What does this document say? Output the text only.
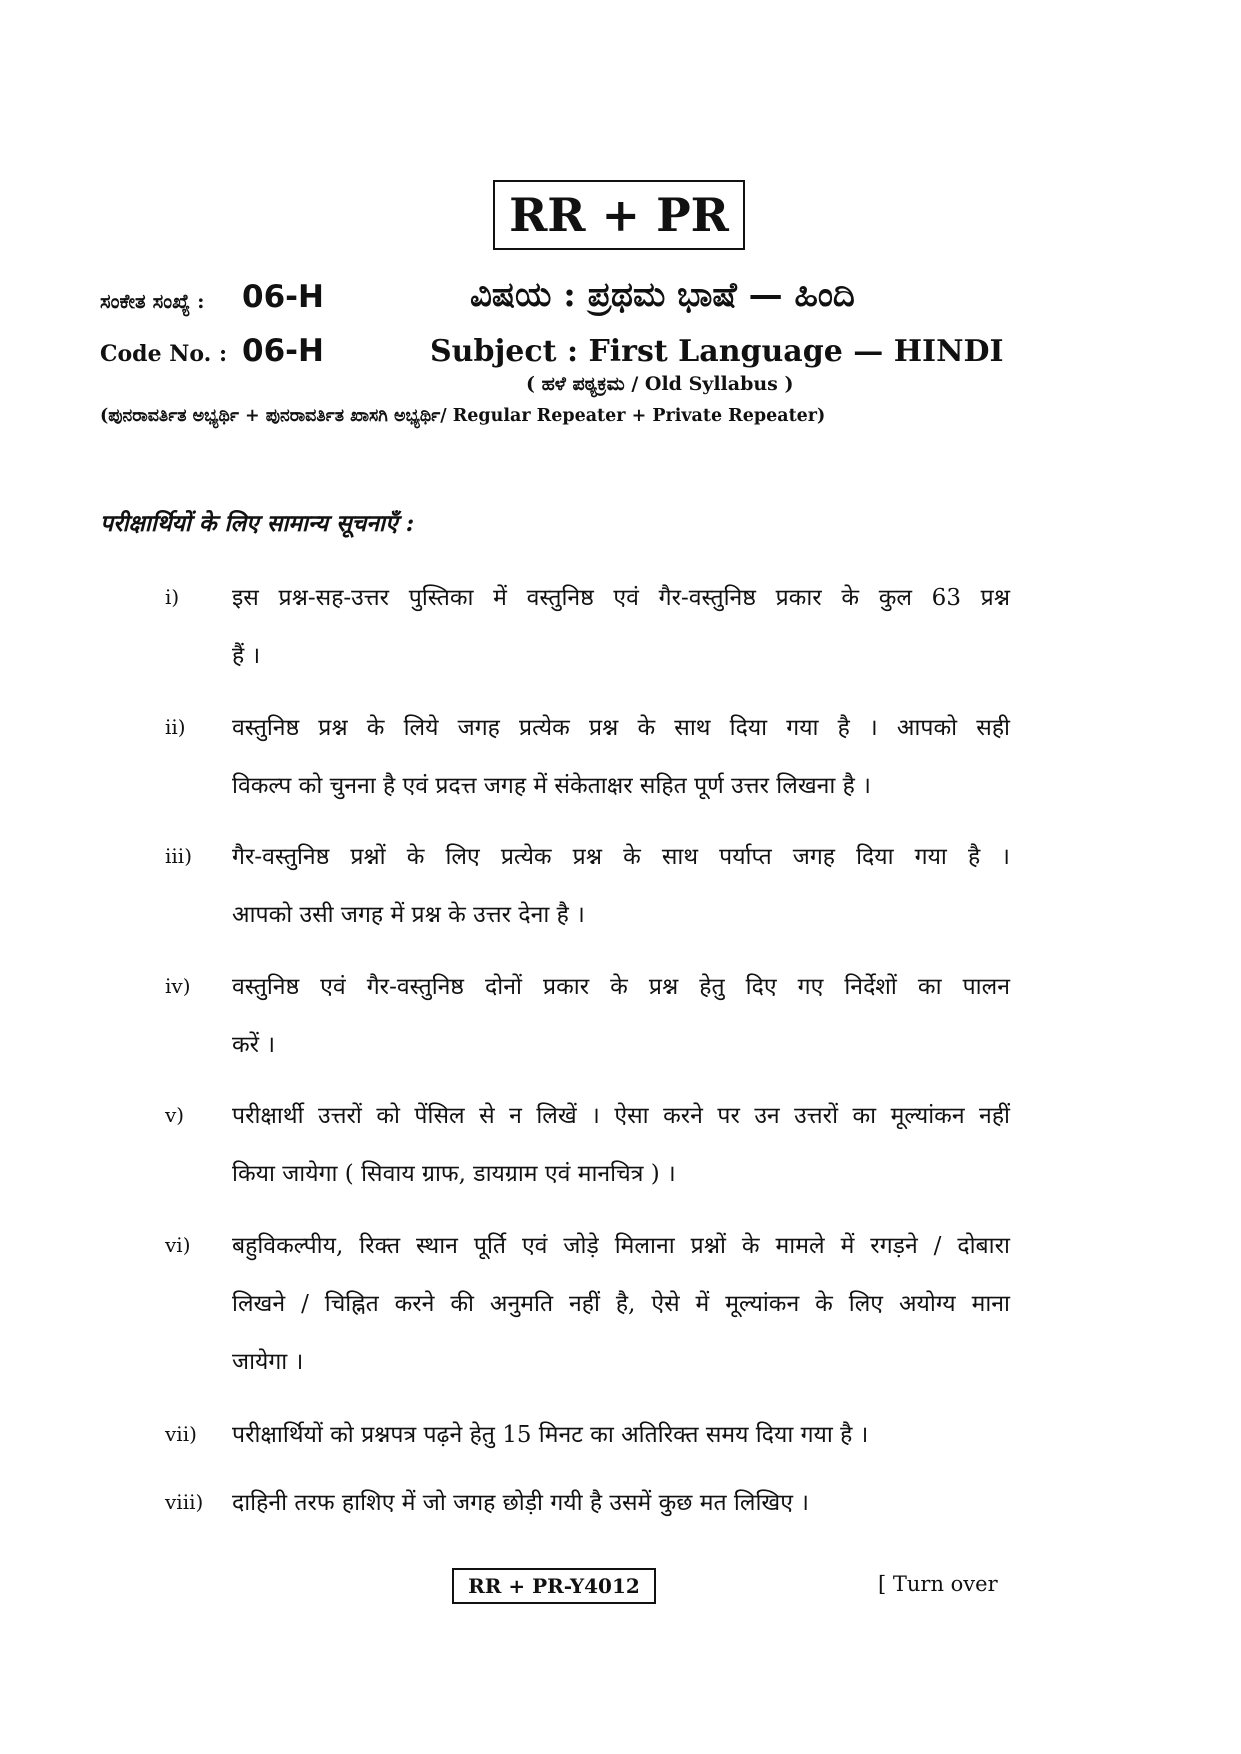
RR + PR
ಸಂಕೇತ ಸಂಖ್ಯೆ : 06-H	ವಿಷಯ : ಪ್ರಥಮ ಭಾಷೆ — ಹಿಂದಿ
Code No. : 06-H	Subject : First Language — HINDI
( ಹಳೆ ಪಠ್ಯಕ್ರಮ / Old Syllabus )
(ಪುನರಾವರ್ತಿತ ಅಭ್ಯರ್ಥಿ + ಪುನರಾವರ್ತಿತ ಖಾಸಗಿ ಅಭ್ಯರ್ಥಿ/ Regular Repeater + Private Repeater)
परीक्षार्थियों के लिए सामान्य सूचनाएँ :
i) इस प्रश्न-सह-उत्तर पुस्तिका में वस्तुनिष्ठ एवं गैर-वस्तुनिष्ठ प्रकार के कुल 63 प्रश्न
हैं ।
ii) वस्तुनिष्ठ प्रश्न के लिये जगह प्रत्येक प्रश्न के साथ दिया गया है । आपको सही
विकल्प को चुनना है एवं प्रदत्त जगह में संकेताक्षर सहित पूर्ण उत्तर लिखना है ।
iii) गैर-वस्तुनिष्ठ प्रश्नों के लिए प्रत्येक प्रश्न के साथ पर्याप्त जगह दिया गया है ।
आपको उसी जगह में प्रश्न के उत्तर देना है ।
iv) वस्तुनिष्ठ एवं गैर-वस्तुनिष्ठ दोनों प्रकार के प्रश्न हेतु दिए गए निर्देशों का पालन
करें ।
v) परीक्षार्थी उत्तरों को पेंसिल से न लिखें । ऐसा करने पर उन उत्तरों का मूल्यांकन नहीं
किया जायेगा ( सिवाय ग्राफ, डायग्राम एवं मानचित्र ) ।
vi) बहुविकल्पीय, रिक्त स्थान पूर्ति एवं जोड़े मिलाना प्रश्नों के मामले में रगड़ने / दोबारा
लिखने / चिह्नित करने की अनुमति नहीं है, ऐसे में मूल्यांकन के लिए अयोग्य माना
जायेगा ।
vii) परीक्षार्थियों को प्रश्नपत्र पढ़ने हेतु 15 मिनट का अतिरिक्त समय दिया गया है ।
viii) दाहिनी तरफ हाशिए में जो जगह छोड़ी गयी है उसमें कुछ मत लिखिए ।
RR + PR-Y4012	[ Turn over
